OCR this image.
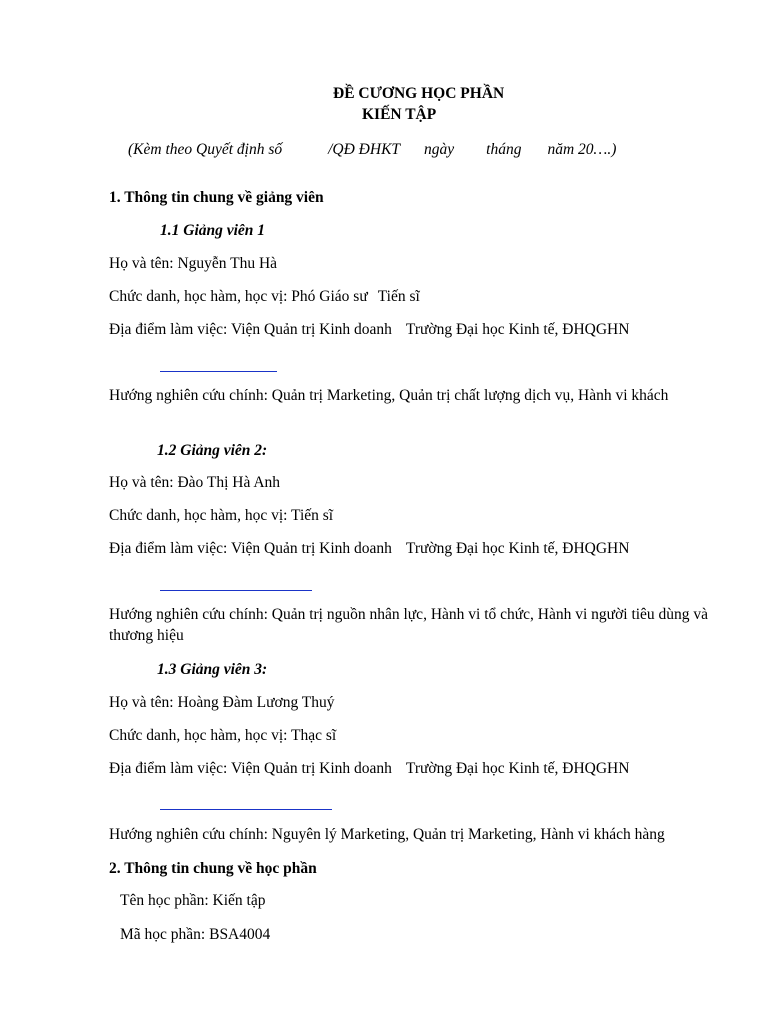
ĐỀ CƯƠNG HỌC PHẦN
KIẾN TẬP
(Kèm theo Quyết định số	/QĐ ĐHKT ngày tháng năm 20….)
1. Thông tin chung về giảng viên
1.1 Giảng viên 1
Họ và tên: Nguyễn Thu Hà
Chức danh, học hàm, học vị: Phó Giáo sư Tiến sĩ
Địa điểm làm việc: Viện Quản trị Kinh doanh Trường Đại học Kinh tế, ĐHQGHN
Hướng nghiên cứu chính: Quản trị Marketing, Quản trị chất lượng dịch vụ, Hành vi khách
1.2 Giảng viên 2:
Họ và tên: Đào Thị Hà Anh
Chức danh, học hàm, học vị: Tiến sĩ
Địa điểm làm việc: Viện Quản trị Kinh doanh Trường Đại học Kinh tế, ĐHQGHN
Hướng nghiên cứu chính: Quản trị nguồn nhân lực, Hành vi tổ chức, Hành vi người tiêu dùng và thương hiệu
1.3 Giảng viên 3:
Họ và tên: Hoàng Đàm Lương Thuý
Chức danh, học hàm, học vị: Thạc sĩ
Địa điểm làm việc: Viện Quản trị Kinh doanh Trường Đại học Kinh tế, ĐHQGHN
Hướng nghiên cứu chính: Nguyên lý Marketing, Quản trị Marketing, Hành vi khách hàng
2. Thông tin chung về học phần
Tên học phần: Kiến tập
Mã học phần: BSA4004
